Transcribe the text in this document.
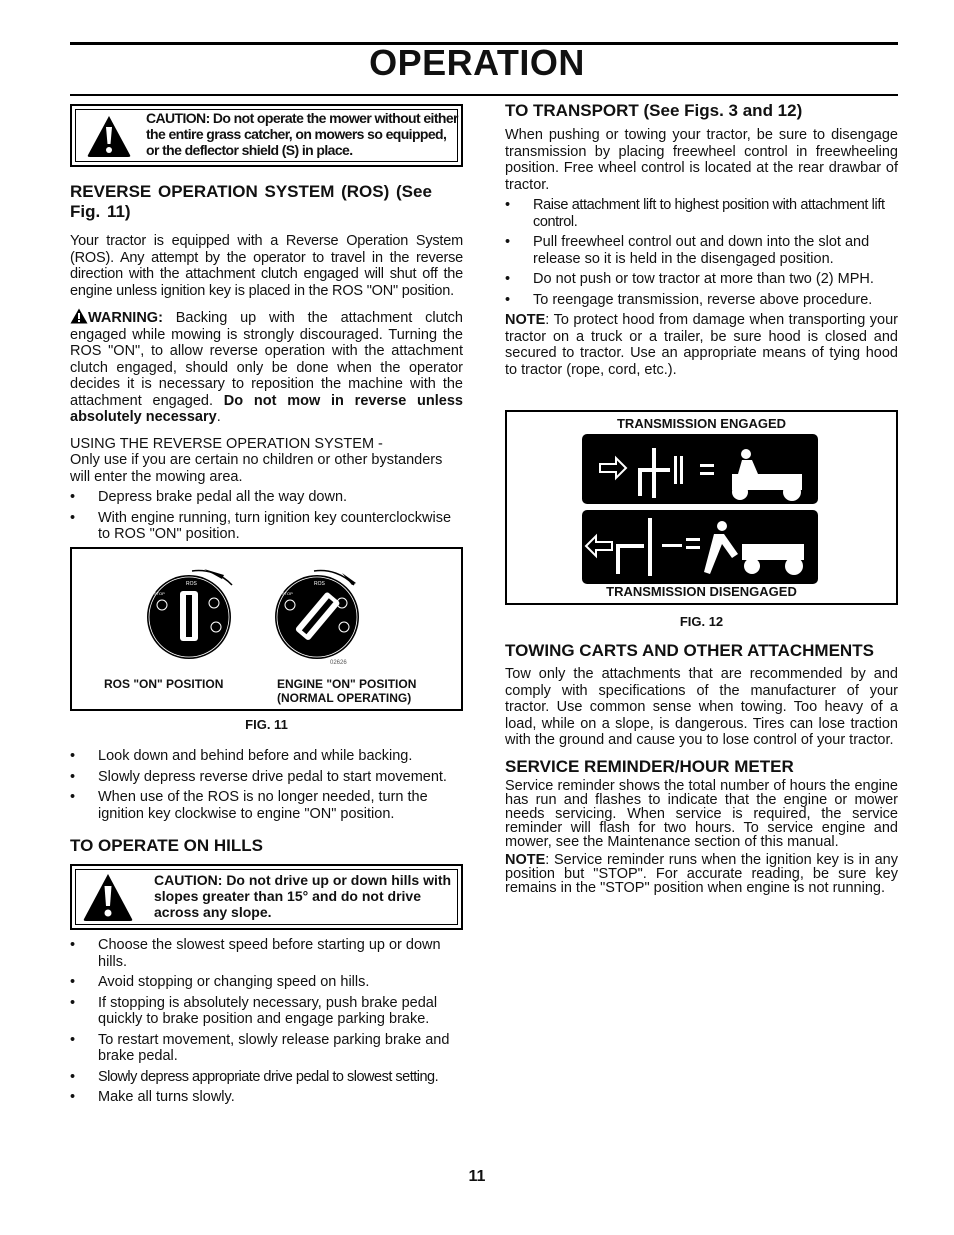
OPERATION
CAUTION: Do not operate the mower without either the entire grass catcher, on mowers so equipped, or the deflector shield (S) in place.
REVERSE OPERATION SYSTEM (ROS) (See Fig. 11)

Your tractor is equipped with a Reverse Operation System (ROS). Any attempt by the operator to travel in the reverse direction with the attachment clutch engaged will shut off the engine unless ignition key is placed in the ROS "ON" position.

WARNING: Backing up with the attachment clutch engaged while mowing is strongly discouraged. Turning the ROS "ON", to allow reverse operation with the attachment clutch engaged, should only be done when the operator decides it is necessary to reposition the machine with the attachment engaged. Do not mow in reverse unless absolutely necessary.

USING THE REVERSE OPERATION SYSTEM -

Only use if you are certain no children or other bystanders will enter the mowing area.

• Depress brake pedal all the way down.
• With engine running, turn ignition key counterclockwise to ROS "ON" position.
ROS
STOP
ROS
STOP
02626
ROS "ON" POSITION	ENGINE "ON" POSITION (NORMAL OPERATING)
FIG. 11
• Look down and behind before and while backing.
• Slowly depress reverse drive pedal to start movement.
• When use of the ROS is no longer needed, turn the ignition key clockwise to engine "ON" position.
TO OPERATE ON HILLS
CAUTION: Do not drive up or down hills with slopes greater than 15° and do not drive across any slope.
• Choose the slowest speed before starting up or down hills.
• Avoid stopping or changing speed on hills.
• If stopping is absolutely necessary, push brake pedal quickly to brake position and engage parking brake.
• To restart movement, slowly release parking brake and brake pedal.
• Slowly depress appropriate drive pedal to slowest setting.
• Make all turns slowly.
TO TRANSPORT (See Figs. 3 and 12)

When pushing or towing your tractor, be sure to disengage transmission by placing freewheel control in freewheeling position. Free wheel control is located at the rear drawbar of tractor.

• Raise attachment lift to highest position with attachment lift control.
• Pull freewheel control out and down into the slot and release so it is held in the disengaged position.
• Do not push or tow tractor at more than two (2) MPH.
• To reengage transmission, reverse above procedure.

NOTE: To protect hood from damage when transporting your tractor on a truck or a trailer, be sure hood is closed and secured to tractor. Use an appropriate means of tying hood to tractor (rope, cord, etc.).

TRANSMISSION ENGAGED
TRANSMISSION DISENGAGED
FIG. 12
TOWING CARTS AND OTHER ATTACHMENTS

Tow only the attachments that are recommended by and comply with specifications of the manufacturer of your tractor. Use common sense when towing. Too heavy of a load, while on a slope, is dangerous. Tires can lose traction with the ground and cause you to lose control of your tractor.

SERVICE REMINDER/HOUR METER

Service reminder shows the total number of hours the engine has run and flashes to indicate that the engine or mower needs servicing. When service is required, the service reminder will flash for two hours. To service engine and mower, see the Maintenance section of this manual.

NOTE: Service reminder runs when the ignition key is in any position but "STOP". For accurate reading, be sure key remains in the "STOP" position when engine is not running.

11
